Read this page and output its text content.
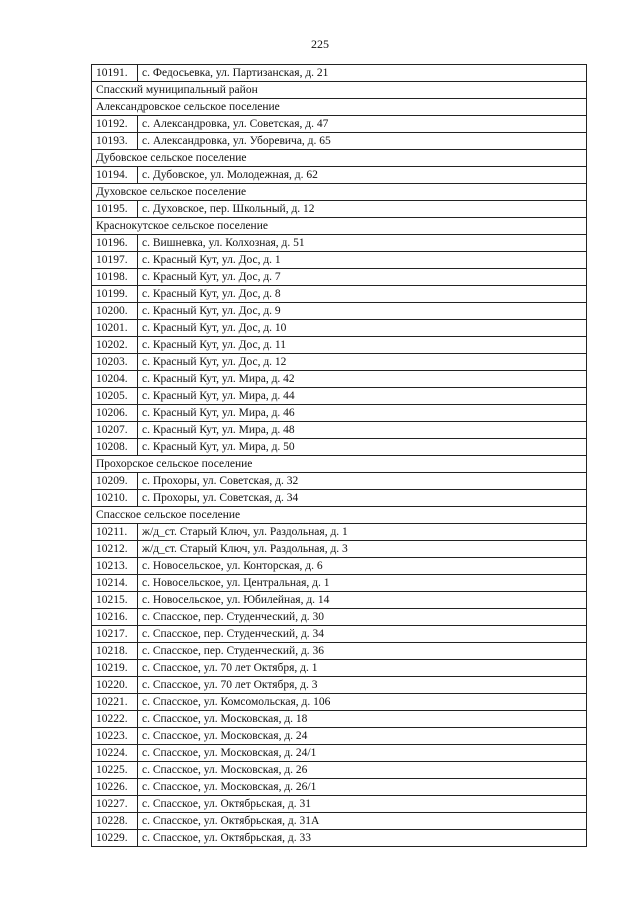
225
10191.	с. Федосьевка, ул. Партизанская, д. 21
Спасский муниципальный район	
Александровское сельское поселение	
10192.	с. Александровка, ул. Советская, д. 47
10193.	с. Александровка, ул. Уборевича, д. 65
Дубовское сельское поселение	
10194.	с. Дубовское, ул. Молодежная, д. 62
Духовское сельское поселение	
10195.	с. Духовское, пер. Школьный, д. 12
Краснокутское сельское поселение	
10196.	с. Вишневка, ул. Колхозная, д. 51
10197.	с. Красный Кут, ул. Дос, д. 1
10198.	с. Красный Кут, ул. Дос, д. 7
10199.	с. Красный Кут, ул. Дос, д. 8
10200.	с. Красный Кут, ул. Дос, д. 9
10201.	с. Красный Кут, ул. Дос, д. 10
10202.	с. Красный Кут, ул. Дос, д. 11
10203.	с. Красный Кут, ул. Дос, д. 12
10204.	с. Красный Кут, ул. Мира, д. 42
10205.	с. Красный Кут, ул. Мира, д. 44
10206.	с. Красный Кут, ул. Мира, д. 46
10207.	с. Красный Кут, ул. Мира, д. 48
10208.	с. Красный Кут, ул. Мира, д. 50
Прохорское сельское поселение	
10209.	с. Прохоры, ул. Советская, д. 32
10210.	с. Прохоры, ул. Советская, д. 34
Спасское сельское поселение	
10211.	ж/д_ст. Старый Ключ, ул. Раздольная, д. 1
10212.	ж/д_ст. Старый Ключ, ул. Раздольная, д. 3
10213.	с. Новосельское, ул. Конторская, д. 6
10214.	с. Новосельское, ул. Центральная, д. 1
10215.	с. Новосельское, ул. Юбилейная, д. 14
10216.	с. Спасское, пер. Студенческий, д. 30
10217.	с. Спасское, пер. Студенческий, д. 34
10218.	с. Спасское, пер. Студенческий, д. 36
10219.	с. Спасское, ул. 70 лет Октября, д. 1
10220.	с. Спасское, ул. 70 лет Октября, д. 3
10221.	с. Спасское, ул. Комсомольская, д. 106
10222.	с. Спасское, ул. Московская, д. 18
10223.	с. Спасское, ул. Московская, д. 24
10224.	с. Спасское, ул. Московская, д. 24/1
10225.	с. Спасское, ул. Московская, д. 26
10226.	с. Спасское, ул. Московская, д. 26/1
10227.	с. Спасское, ул. Октябрьская, д. 31
10228.	с. Спасское, ул. Октябрьская, д. 31А
10229.	с. Спасское, ул. Октябрьская, д. 33
